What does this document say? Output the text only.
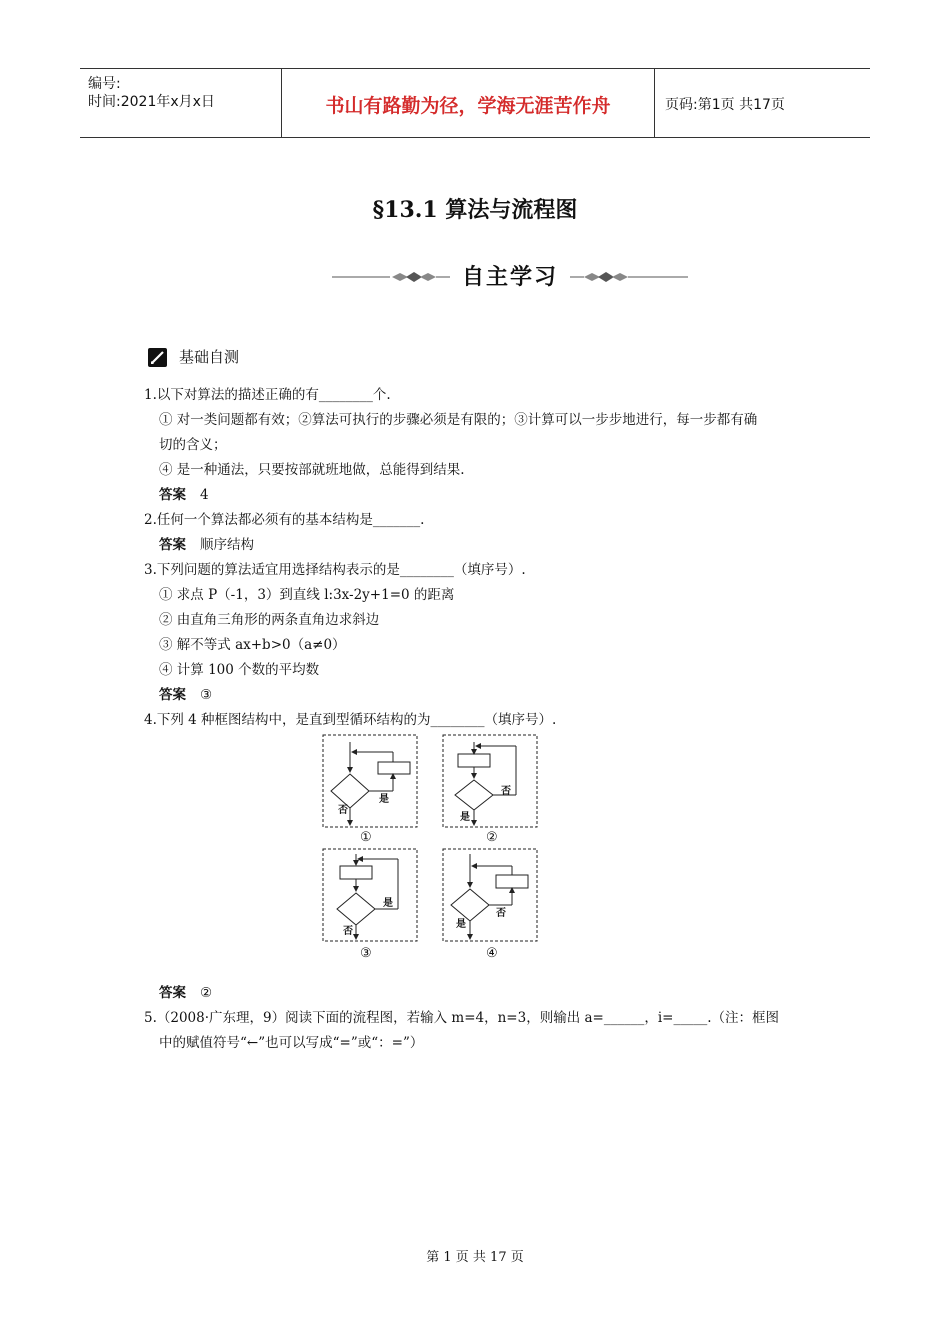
编号:
时间:2021年x月x日	书山有路勤为径，学海无涯苦作舟	页码:第1页 共17页
§13.1 算法与流程图
自主学习
基础自测
1.以下对算法的描述正确的有________个.
① 对一类问题都有效；②算法可执行的步骤必须是有限的；③计算可以一步步地进行，每一步都有确
切的含义；
④ 是一种通法，只要按部就班地做，总能得到结果.
答案 4
2.任何一个算法都必须有的基本结构是_______.
答案 顺序结构
3.下列问题的算法适宜用选择结构表示的是________（填序号）.
① 求点 P（-1，3）到直线 l:3x-2y+1=0 的距离
② 由直角三角形的两条直角边求斜边
③ 解不等式 ax+b>0（a≠0）
④ 计算 100 个数的平均数
答案 ③
4.下列 4 种框图结构中，是直到型循环结构的为________（填序号）.
是
否
①
否
是
②
是
否
③
否
是
④
答案 ②
5.（2008·广东理，9）阅读下面的流程图，若输入 m=4，n=3，则输出 a=______，i=_____.（注：框图
中的赋值符号“←”也可以写成“=”或“：=”）
第 1 页 共 17 页
